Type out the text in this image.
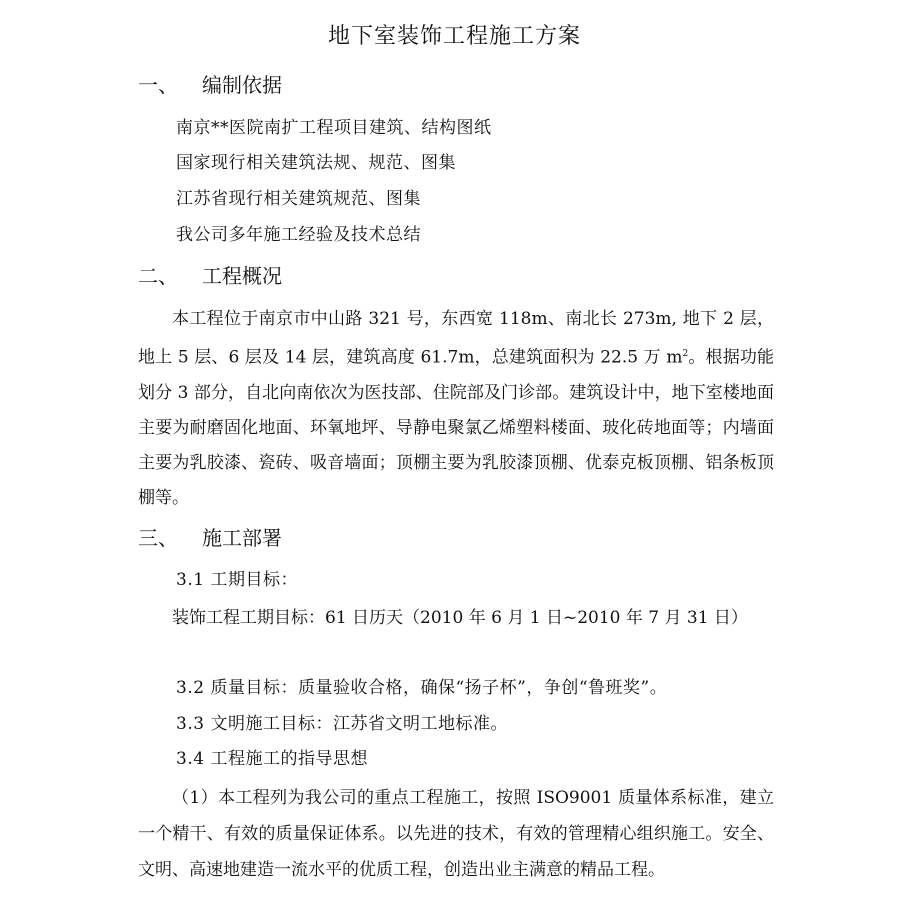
地下室装饰工程施工方案
一、 编制依据
南京**医院南扩工程项目建筑、结构图纸
国家现行相关建筑法规、规范、图集
江苏省现行相关建筑规范、图集
我公司多年施工经验及技术总结
二、 工程概况
本工程位于南京市中山路 321 号，东西宽 118m、南北长 273m, 地下 2 层，地上 5 层、6 层及 14 层，建筑高度 61.7m，总建筑面积为 22.5 万 $m^2$。根据功能划分 3 部分，自北向南依次为医技部、住院部及门诊部。建筑设计中，地下室楼地面主要为耐磨固化地面、环氧地坪、导静电聚氯乙烯塑料楼面、玻化砖地面等；内墙面主要为乳胶漆、瓷砖、吸音墙面；顶棚主要为乳胶漆顶棚、优泰克板顶棚、铝条板顶棚等。
三、 施工部署
3.1 工期目标：
装饰工程工期目标：61 日历天（2010 年 6 月 1 日~2010 年 7 月 31 日）
3.2 质量目标：质量验收合格，确保“扬子杯”，争创“鲁班奖”。
3.3 文明施工目标：江苏省文明工地标准。
3.4 工程施工的指导思想
（1）本工程列为我公司的重点工程施工，按照 ISO9001 质量体系标准，建立一个精干、有效的质量保证体系。以先进的技术，有效的管理精心组织施工。安全、文明、高速地建造一流水平的优质工程，创造出业主满意的精品工程。
